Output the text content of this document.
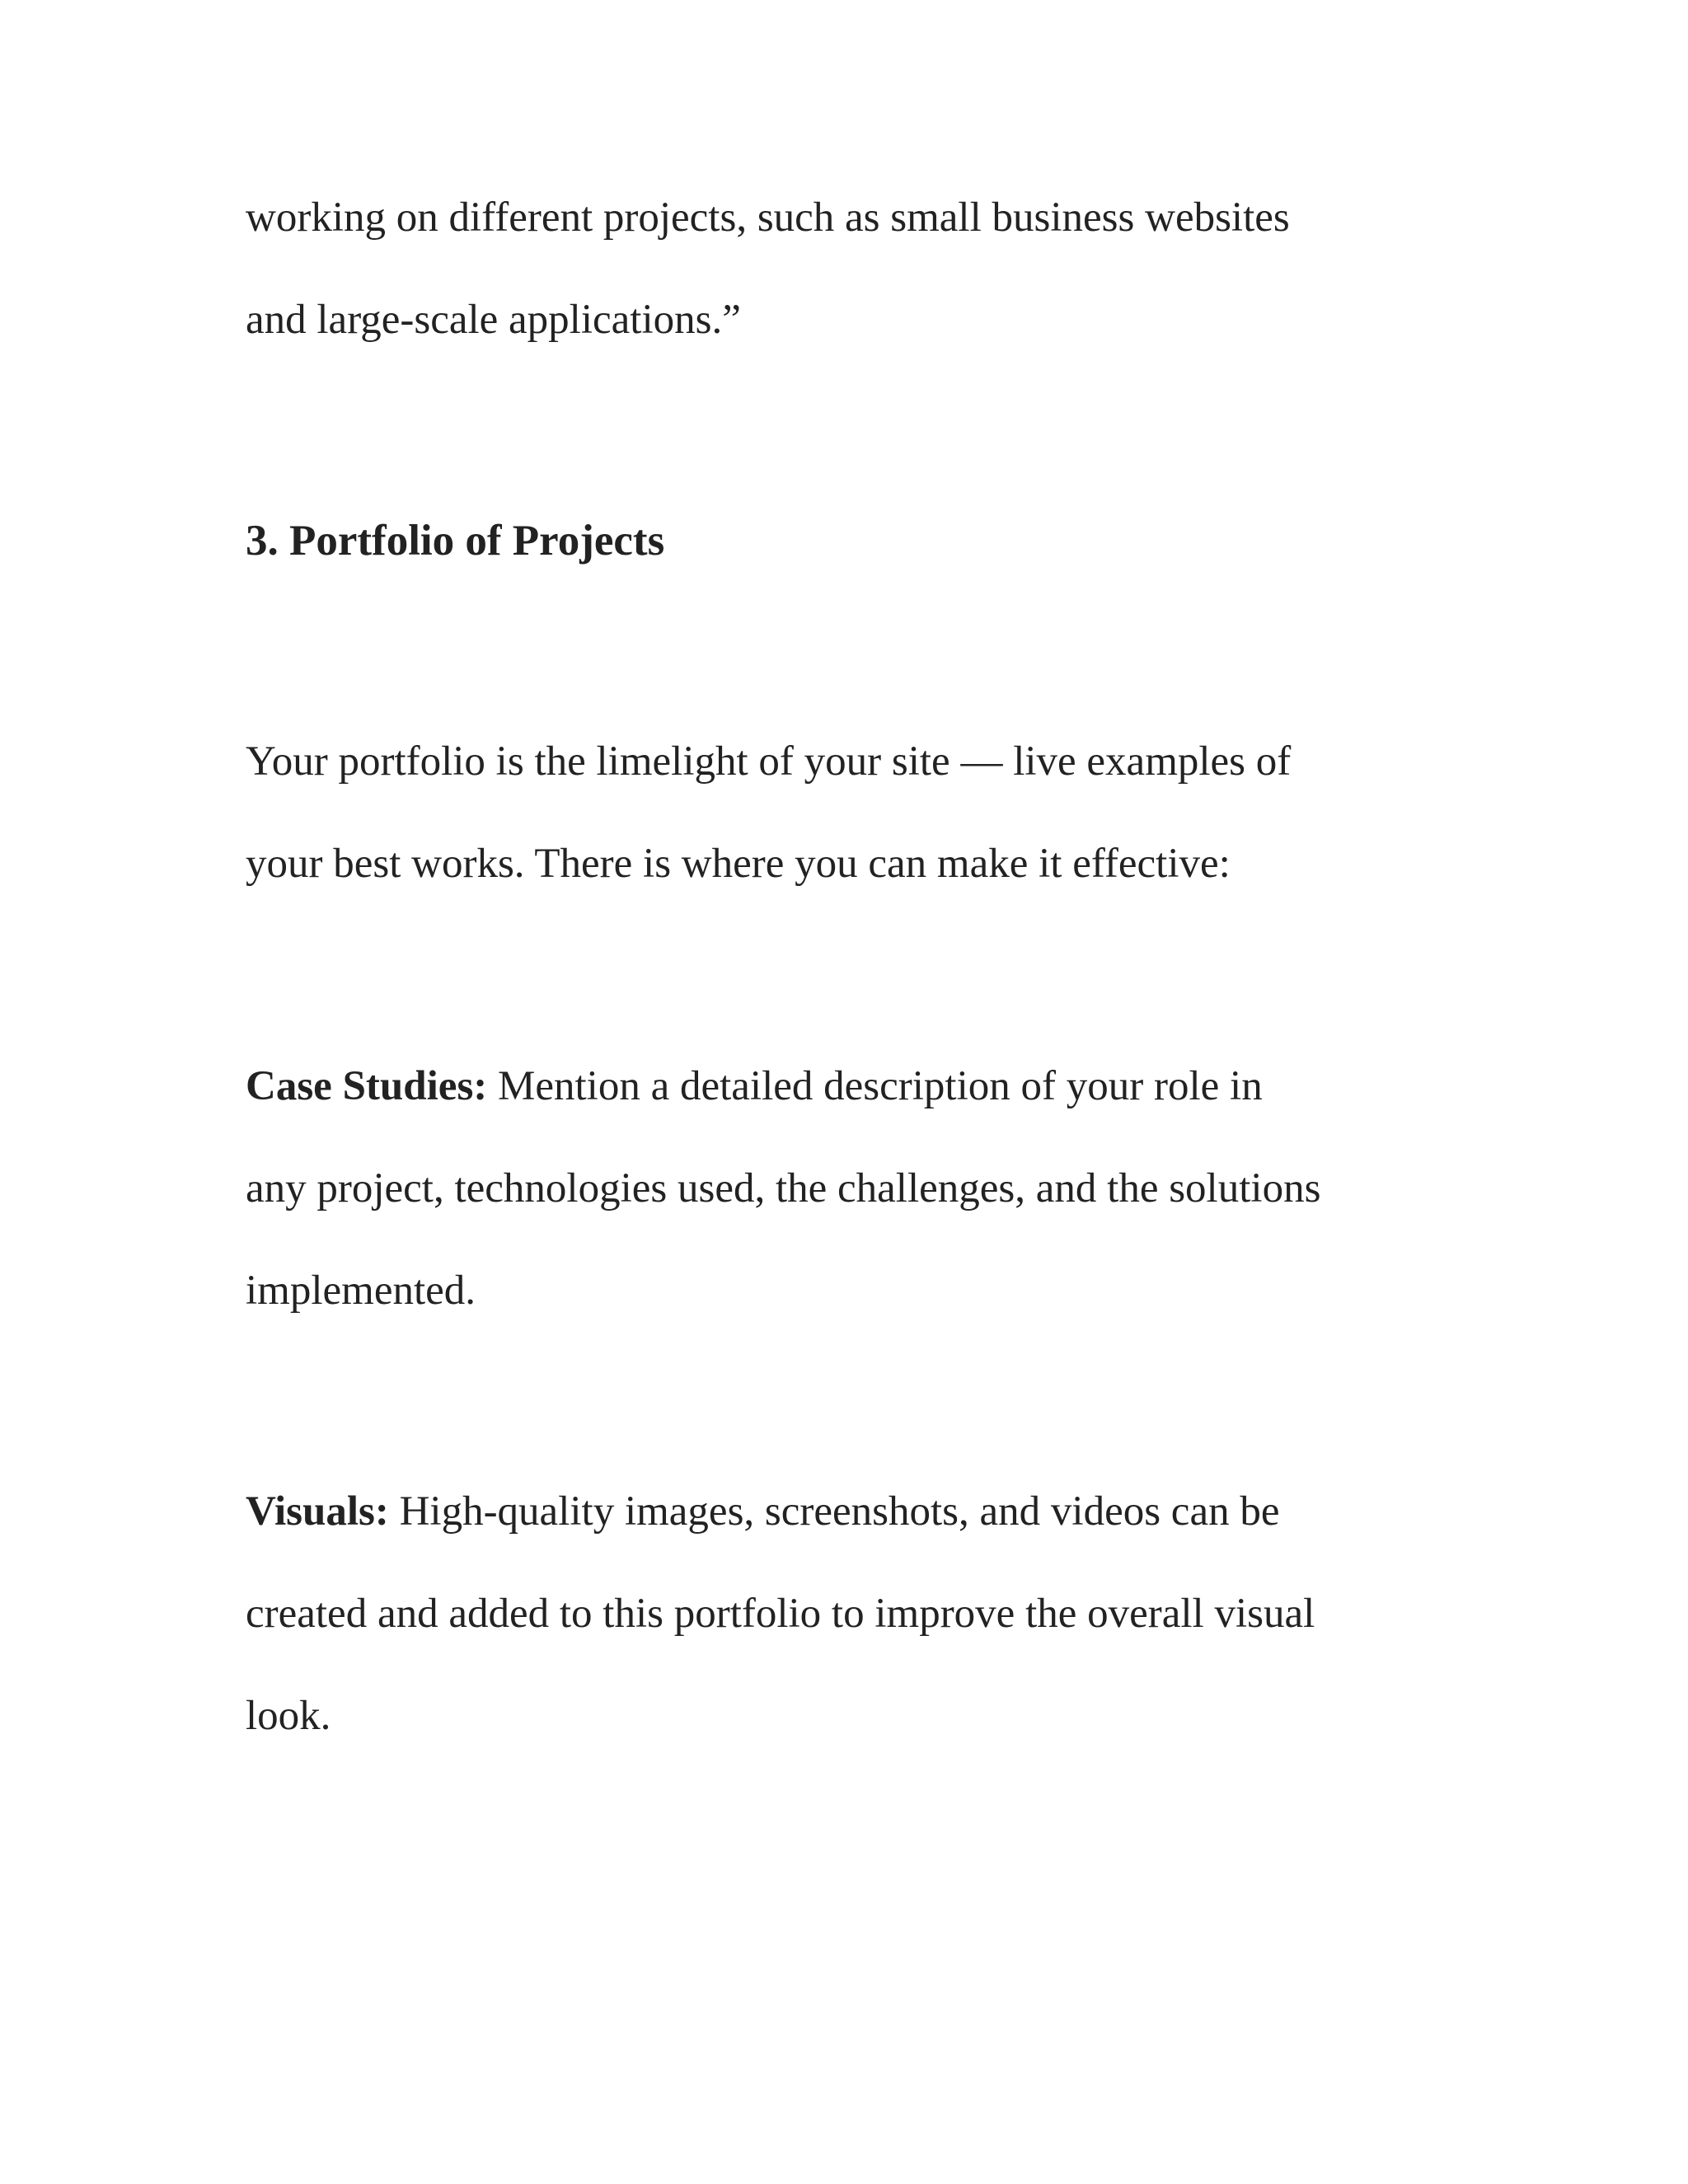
working on different projects, such as small business websites

and large-scale applications.”

3. Portfolio of Projects

Your portfolio is the limelight of your site — live examples of

your best works. There is where you can make it effective:

Case Studies: Mention a detailed description of your role in

any project, technologies used, the challenges, and the solutions

implemented.

Visuals: High-quality images, screenshots, and videos can be

created and added to this portfolio to improve the overall visual

look.
